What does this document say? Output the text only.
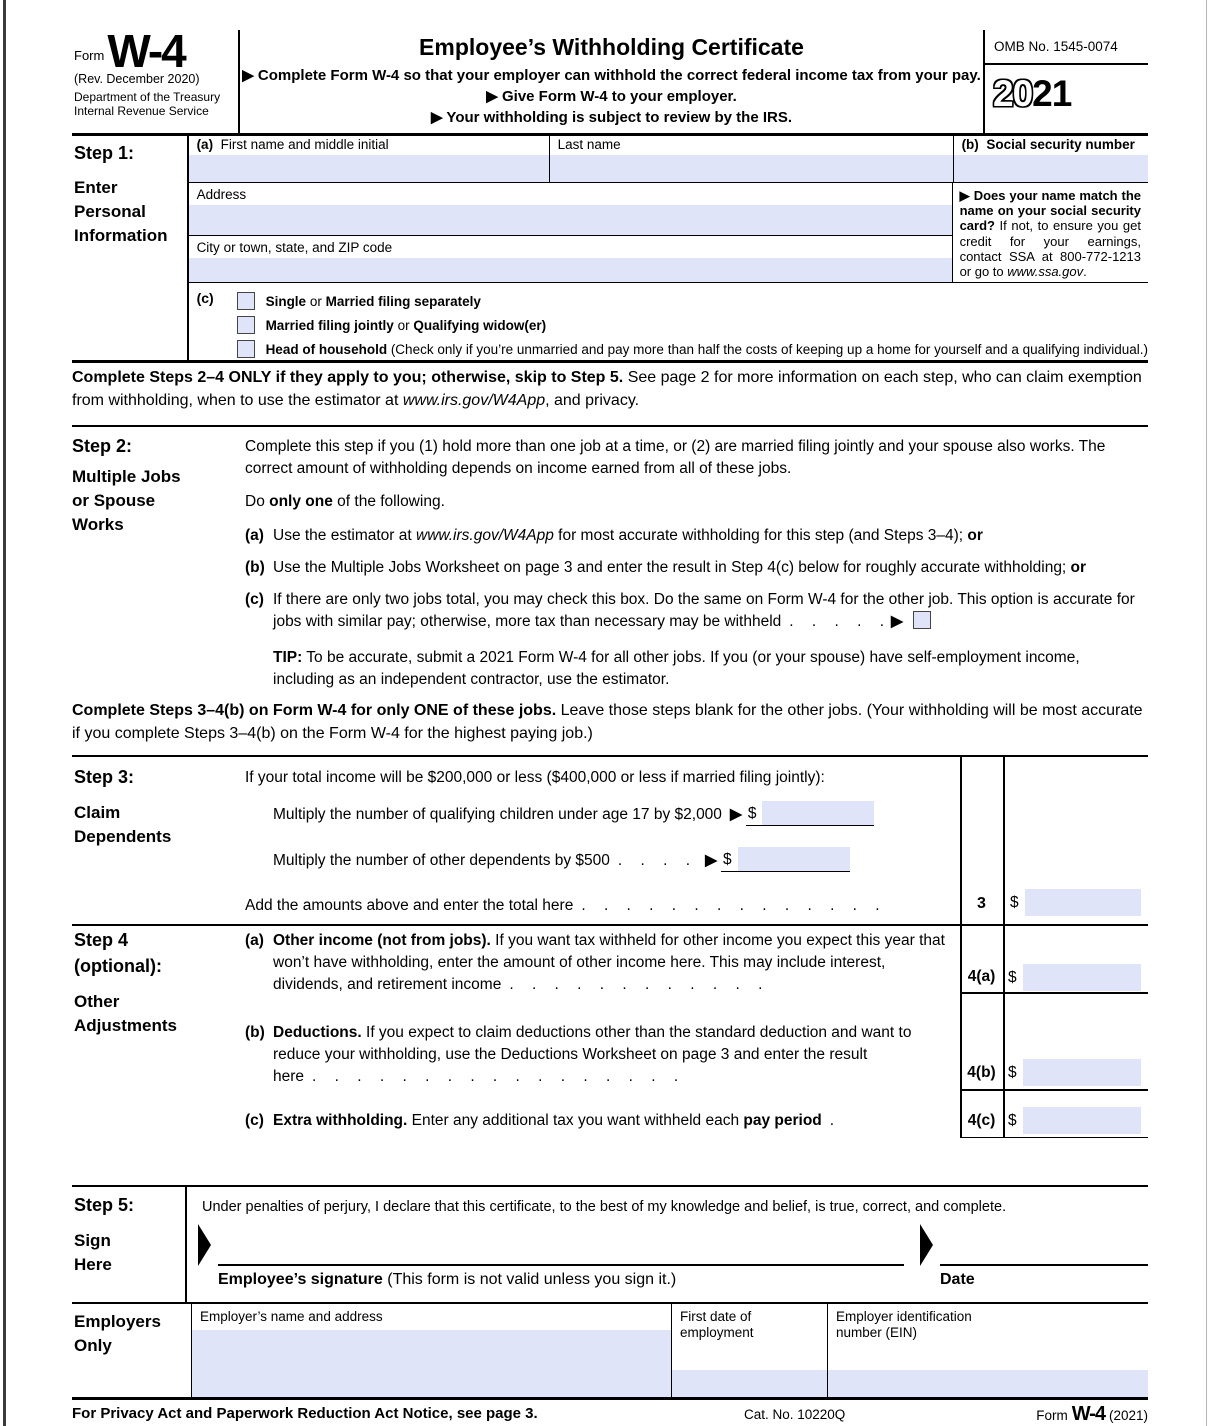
Form W-4
(Rev. December 2020)
Department of the Treasury
Internal Revenue Service
Employee’s Withholding Certificate
▶ Complete Form W-4 so that your employer can withhold the correct federal income tax from your pay.
▶ Give Form W-4 to your employer.
▶ Your withholding is subject to review by the IRS.
OMB No. 1545-0074
2021
Step 1:
Enter
Personal
Information
(a) First name and middle initial	Last name	(b) Social security number
Address
City or town, state, and ZIP code
▶ Does your name match the name on your social security card? If not, to ensure you get credit for your earnings, contact SSA at 800-772-1213 or go to www.ssa.gov.
(c)	Single or Married filing separately
Married filing jointly or Qualifying widow(er)
Head of household (Check only if you’re unmarried and pay more than half the costs of keeping up a home for yourself and a qualifying individual.)
Complete Steps 2–4 ONLY if they apply to you; otherwise, skip to Step 5. See page 2 for more information on each step, who can claim exemption from withholding, when to use the estimator at www.irs.gov/W4App, and privacy.
Step 2:
Multiple Jobs
or Spouse
Works
Complete this step if you (1) hold more than one job at a time, or (2) are married filing jointly and your spouse also works. The correct amount of withholding depends on income earned from all of these jobs.
Do only one of the following.
(a) Use the estimator at www.irs.gov/W4App for most accurate withholding for this step (and Steps 3–4); or
(b) Use the Multiple Jobs Worksheet on page 3 and enter the result in Step 4(c) below for roughly accurate withholding; or
(c) If there are only two jobs total, you may check this box. Do the same on Form W-4 for the other job. This option is accurate for jobs with similar pay; otherwise, more tax than necessary may be withheld . . . . .▶
TIP: To be accurate, submit a 2021 Form W-4 for all other jobs. If you (or your spouse) have self-employment income, including as an independent contractor, use the estimator.
Complete Steps 3–4(b) on Form W-4 for only ONE of these jobs. Leave those steps blank for the other jobs. (Your withholding will be most accurate if you complete Steps 3–4(b) on the Form W-4 for the highest paying job.)
Step 3:
Claim
Dependents
If your total income will be $200,000 or less ($400,000 or less if married filing jointly):
Multiply the number of qualifying children under age 17 by $2,000 ▶ $
Multiply the number of other dependents by $500 . . . . ▶ $
Add the amounts above and enter the total here . . . . . . . . . . . . . .	3	$
Step 4
(optional):
Other
Adjustments
(a) Other income (not from jobs). If you want tax withheld for other income you expect this year that won’t have withholding, enter the amount of other income here. This may include interest, dividends, and retirement income . . . . . . . . . . . .	4(a) $
(b) Deductions. If you expect to claim deductions other than the standard deduction and want to reduce your withholding, use the Deductions Worksheet on page 3 and enter the result here . . . . . . . . . . . . . . . . .	4(b) $
(c) Extra withholding. Enter any additional tax you want withheld each pay period .	4(c) $
Step 5:
Sign
Here
Under penalties of perjury, I declare that this certificate, to the best of my knowledge and belief, is true, correct, and complete.
Employee’s signature (This form is not valid unless you sign it.)	Date
Employers
Only
Employer’s name and address	First date of
employment
Employer identification
number (EIN)
For Privacy Act and Paperwork Reduction Act Notice, see page 3.	Cat. No. 10220Q	Form W-4 (2021)
